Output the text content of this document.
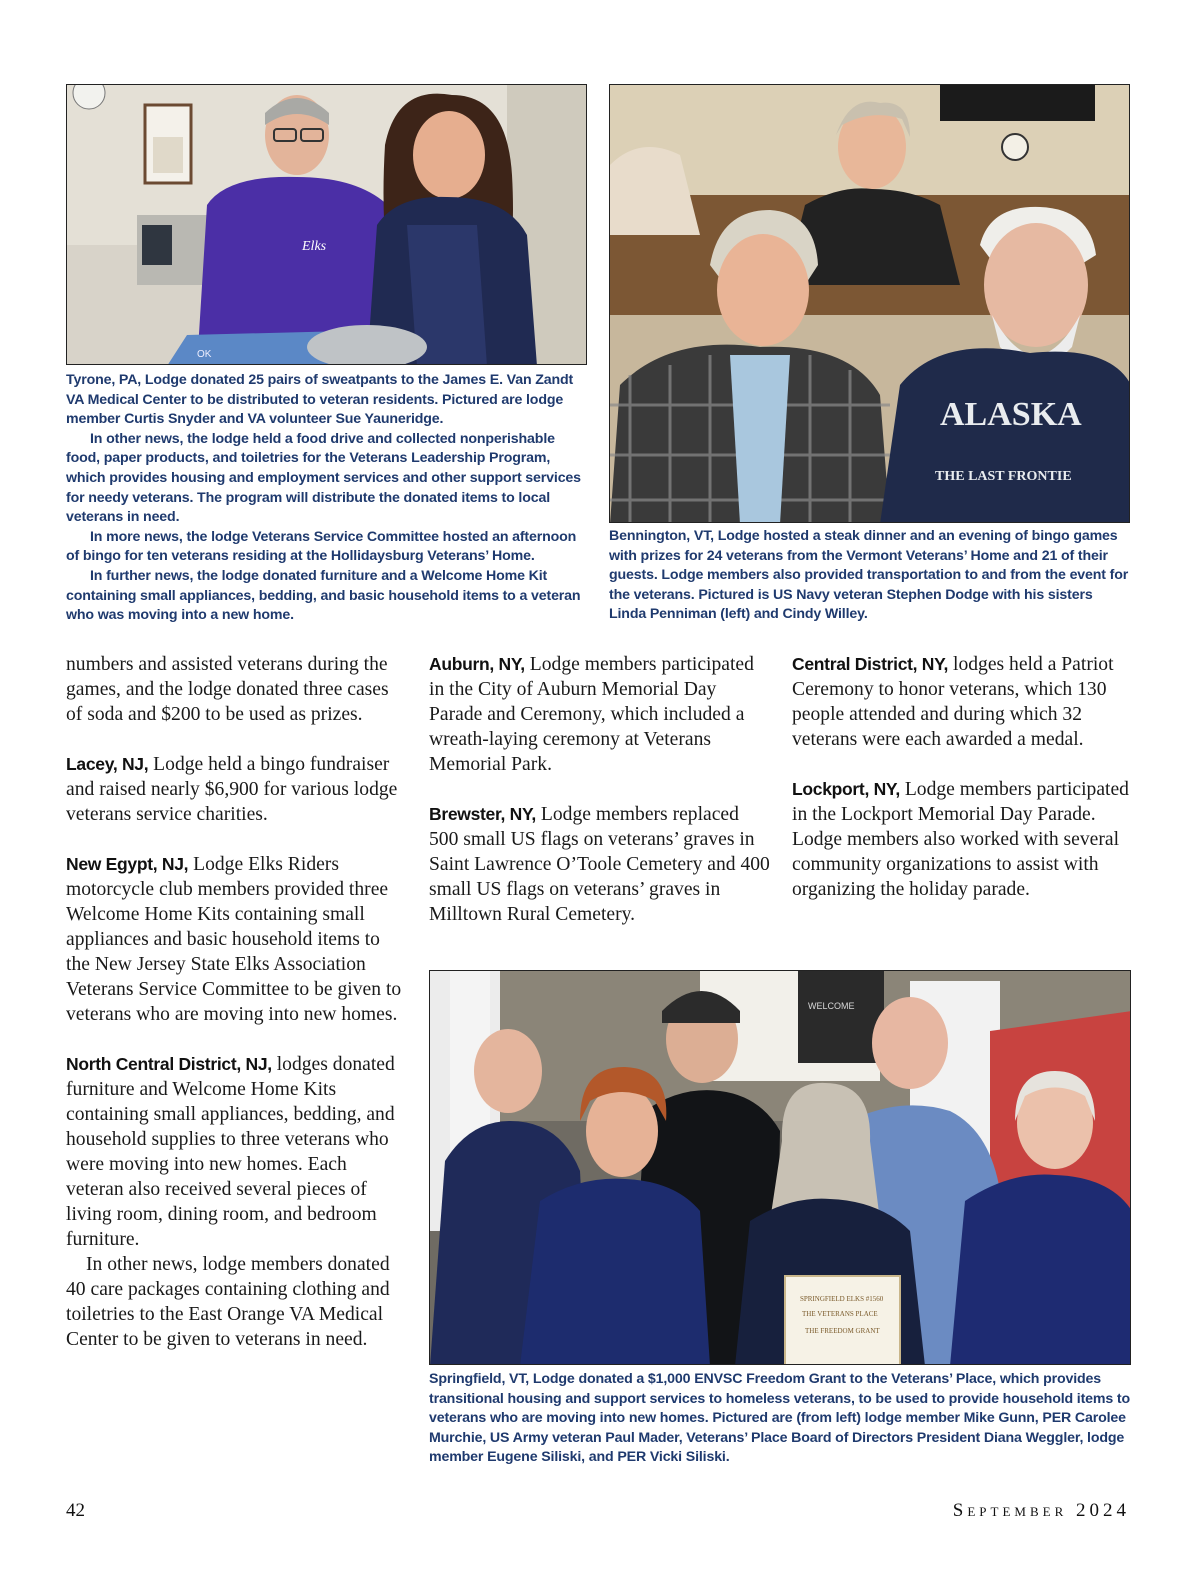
Elks
OK
ALASKA
THE LAST FRONTIE

Tyrone, PA, Lodge donated 25 pairs of sweatpants to the James E. Van Zandt VA Medical Center to be distributed to veteran residents. Pictured are lodge member Curtis Snyder and VA volunteer Sue Yauneridge.

In other news, the lodge held a food drive and collected nonperishable food, paper products, and toiletries for the Veterans Leadership Program, which provides housing and employment services and other support services for needy veterans. The program will distribute the donated items to local veterans in need.

In more news, the lodge Veterans Service Committee hosted an afternoon of bingo for ten veterans residing at the Hollidaysburg Veterans’ Home.

In further news, the lodge donated furniture and a Welcome Home Kit containing small appliances, bedding, and basic household items to a veteran who was moving into a new home.

Bennington, VT, Lodge hosted a steak dinner and an evening of bingo games with prizes for 24 veterans from the Vermont Veterans’ Home and 21 of their guests. Lodge members also provided transportation to and from the event for the veterans. Pictured is US Navy veteran Stephen Dodge with his sisters Linda Penniman (left) and Cindy Willey.

numbers and assisted veterans during the games, and the lodge donated three cases of soda and $200 to be used as prizes.

Lacey, NJ, Lodge held a bingo fundraiser and raised nearly $6,900 for various lodge veterans service charities.

New Egypt, NJ, Lodge Elks Riders motorcycle club members provided three Welcome Home Kits containing small appliances and basic household items to the New Jersey State Elks Association Veterans Service Committee to be given to veterans who are moving into new homes.

North Central District, NJ, lodges donated furniture and Welcome Home Kits containing small appliances, bedding, and household supplies to three veterans who were moving into new homes. Each veteran also received several pieces of living room, dining room, and bedroom furniture.

In other news, lodge members donated 40 care packages containing clothing and toiletries to the East Orange VA Medical Center to be given to veterans in need.

Auburn, NY, Lodge members participated in the City of Auburn Memorial Day Parade and Ceremony, which included a wreath-laying ceremony at Veterans Memorial Park.

Brewster, NY, Lodge members replaced 500 small US flags on veterans’ graves in Saint Lawrence O’Toole Cemetery and 400 small US flags on veterans’ graves in Milltown Rural Cemetery.

Central District, NY, lodges held a Patriot Ceremony to honor veterans, which 130 people attended and during which 32 veterans were each awarded a medal.

Lockport, NY, Lodge members participated in the Lockport Memorial Day Parade. Lodge members also worked with several community organizations to assist with organizing the holiday parade.

WELCOME
SPRINGFIELD ELKS #1560
THE VETERANS PLACE
THE FREEDOM GRANT

Springfield, VT, Lodge donated a $1,000 ENVSC Freedom Grant to the Veterans’ Place, which provides transitional housing and support services to homeless veterans, to be used to provide household items to veterans who are moving into new homes. Pictured are (from left) lodge member Mike Gunn, PER Carolee Murchie, US Army veteran Paul Mader, Veterans’ Place Board of Directors President Diana Weggler, lodge member Eugene Siliski, and PER Vicki Siliski.

42	September 2024
